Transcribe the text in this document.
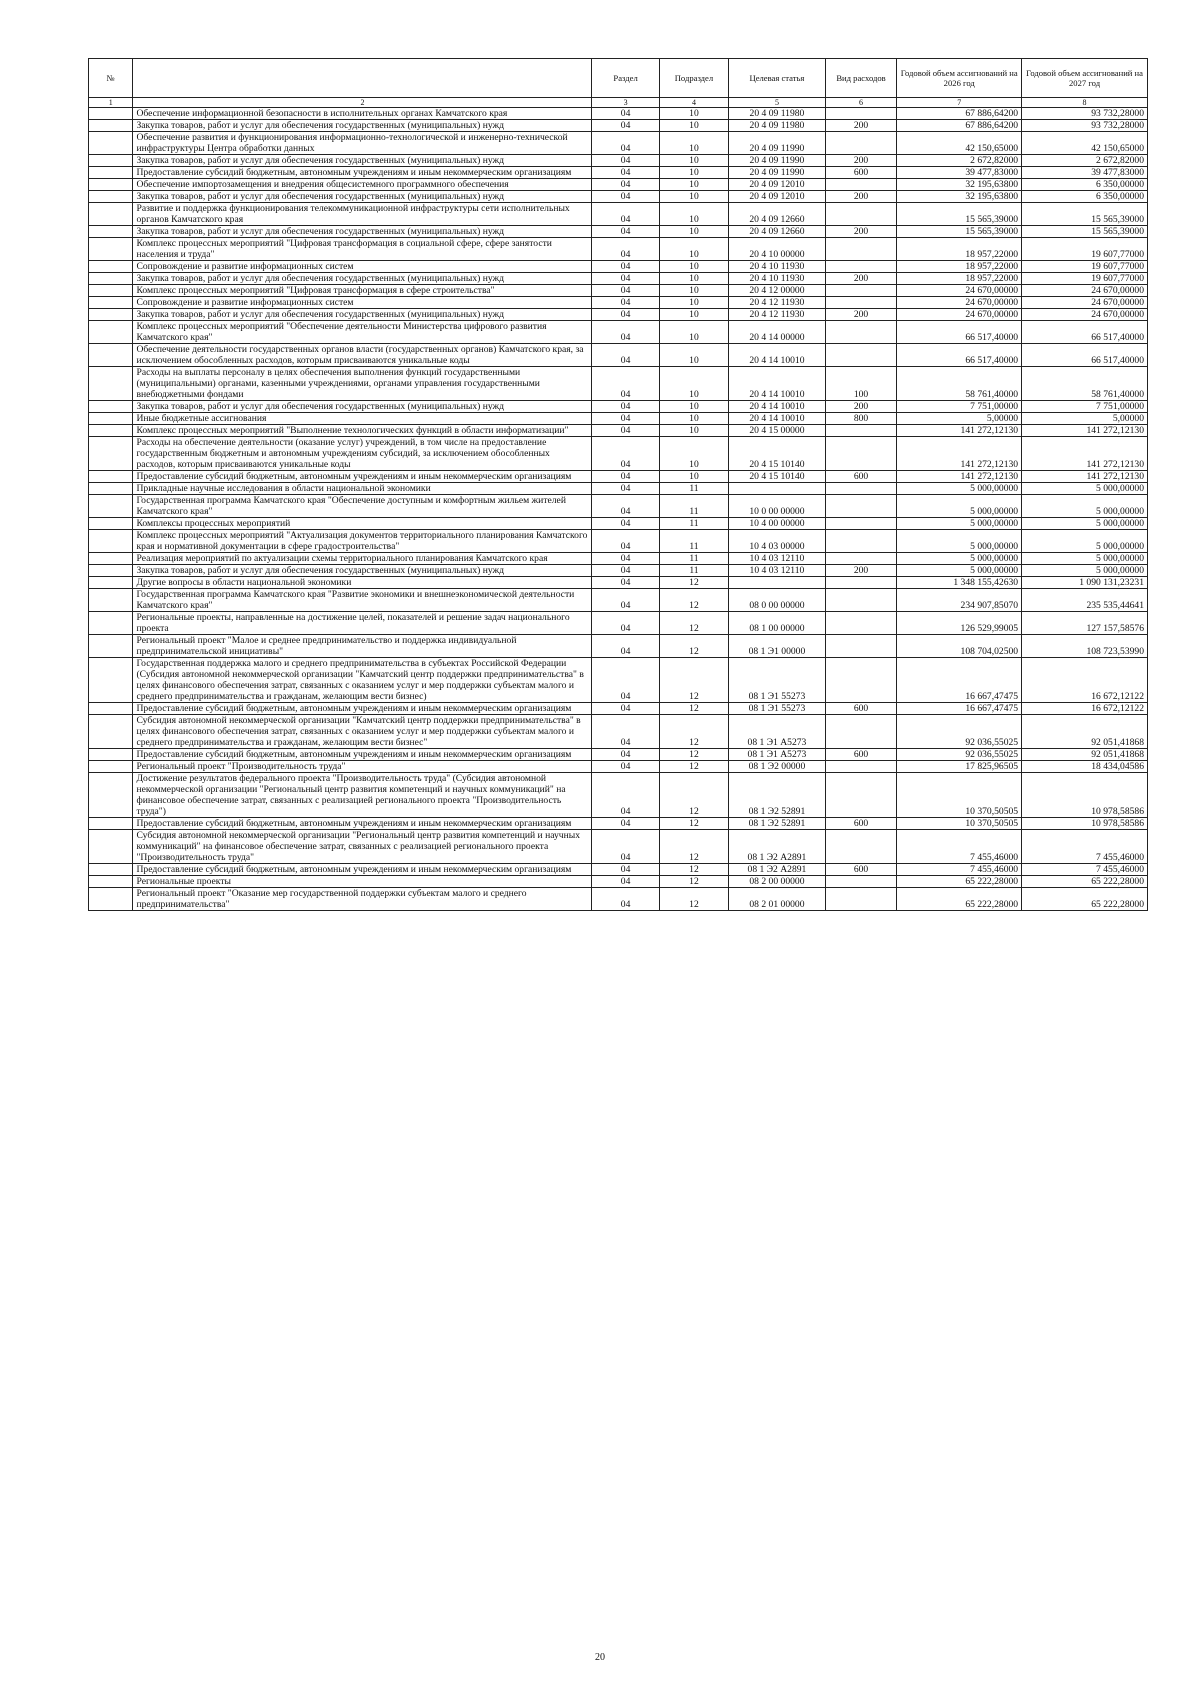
№		Раздел	Подраздел	Целевая статья	Вид расходов	Годовой объем ассигнований на 2026 год	Годовой объем ассигнований на 2027 год
1	2	3	4	5	6	7	8
	Обеспечение информационной безопасности в исполнительных органах Камчатского края	04	10	20 4 09 11980		67 886,64200	93 732,28000
	Закупка товаров, работ и услуг для обеспечения государственных (муниципальных) нужд	04	10	20 4 09 11980	200	67 886,64200	93 732,28000
	Обеспечение развития и функционирования информационно-технологической и инженерно-технической инфраструктуры Центра обработки данных	04	10	20 4 09 11990		42 150,65000	42 150,65000
	Закупка товаров, работ и услуг для обеспечения государственных (муниципальных) нужд	04	10	20 4 09 11990	200	2 672,82000	2 672,82000
	Предоставление субсидий бюджетным, автономным учреждениям и иным некоммерческим организациям	04	10	20 4 09 11990	600	39 477,83000	39 477,83000
	Обеспечение импортозамещения и внедрения общесистемного программного обеспечения	04	10	20 4 09 12010		32 195,63800	6 350,00000
	Закупка товаров, работ и услуг для обеспечения государственных (муниципальных) нужд	04	10	20 4 09 12010	200	32 195,63800	6 350,00000
	Развитие и поддержка функционирования телекоммуникационной инфраструктуры сети исполнительных органов Камчатского края	04	10	20 4 09 12660		15 565,39000	15 565,39000
	Закупка товаров, работ и услуг для обеспечения государственных (муниципальных) нужд	04	10	20 4 09 12660	200	15 565,39000	15 565,39000
	Комплекс процессных мероприятий "Цифровая трансформация в социальной сфере, сфере занятости населения и труда"	04	10	20 4 10 00000		18 957,22000	19 607,77000
	Сопровождение и развитие информационных систем	04	10	20 4 10 11930		18 957,22000	19 607,77000
	Закупка товаров, работ и услуг для обеспечения государственных (муниципальных) нужд	04	10	20 4 10 11930	200	18 957,22000	19 607,77000
	Комплекс процессных мероприятий "Цифровая трансформация в сфере строительства"	04	10	20 4 12 00000		24 670,00000	24 670,00000
	Сопровождение и развитие информационных систем	04	10	20 4 12 11930		24 670,00000	24 670,00000
	Закупка товаров, работ и услуг для обеспечения государственных (муниципальных) нужд	04	10	20 4 12 11930	200	24 670,00000	24 670,00000
	Комплекс процессных мероприятий "Обеспечение деятельности Министерства цифрового развития Камчатского края"	04	10	20 4 14 00000		66 517,40000	66 517,40000
	Обеспечение деятельности государственных органов власти (государственных органов) Камчатского края, за исключением обособленных расходов, которым присваиваются уникальные коды	04	10	20 4 14 10010		66 517,40000	66 517,40000
	Расходы на выплаты персоналу в целях обеспечения выполнения функций государственными (муниципальными) органами, казенными учреждениями, органами управления государственными внебюджетными фондами	04	10	20 4 14 10010	100	58 761,40000	58 761,40000
	Закупка товаров, работ и услуг для обеспечения государственных (муниципальных) нужд	04	10	20 4 14 10010	200	7 751,00000	7 751,00000
	Иные бюджетные ассигнования	04	10	20 4 14 10010	800	5,00000	5,00000
	Комплекс процессных мероприятий "Выполнение технологических функций в области информатизации"	04	10	20 4 15 00000		141 272,12130	141 272,12130
	Расходы на обеспечение деятельности (оказание услуг) учреждений, в том числе на предоставление государственным бюджетным и автономным учреждениям субсидий, за исключением обособленных расходов, которым присваиваются уникальные коды	04	10	20 4 15 10140		141 272,12130	141 272,12130
	Предоставление субсидий бюджетным, автономным учреждениям и иным некоммерческим организациям	04	10	20 4 15 10140	600	141 272,12130	141 272,12130
	Прикладные научные исследования в области национальной экономики	04	11			5 000,00000	5 000,00000
	Государственная программа Камчатского края "Обеспечение доступным и комфортным жильем жителей Камчатского края"	04	11	10 0 00 00000		5 000,00000	5 000,00000
	Комплексы процессных мероприятий	04	11	10 4 00 00000		5 000,00000	5 000,00000
	Комплекс процессных мероприятий "Актуализация документов территориального планирования Камчатского края и нормативной документации в сфере градостроительства"	04	11	10 4 03 00000		5 000,00000	5 000,00000
	Реализация мероприятий по актуализации схемы территориального планирования Камчатского края	04	11	10 4 03 12110		5 000,00000	5 000,00000
	Закупка товаров, работ и услуг для обеспечения государственных (муниципальных) нужд	04	11	10 4 03 12110	200	5 000,00000	5 000,00000
	Другие вопросы в области национальной экономики	04	12			1 348 155,42630	1 090 131,23231
	Государственная программа Камчатского края "Развитие экономики и внешнеэкономической деятельности Камчатского края"	04	12	08 0 00 00000		234 907,85070	235 535,44641
	Региональные проекты, направленные на достижение целей, показателей и решение задач национального проекта	04	12	08 1 00 00000		126 529,99005	127 157,58576
	Региональный проект "Малое и среднее предпринимательство и поддержка индивидуальной предпринимательской инициативы"	04	12	08 1 Э1 00000		108 704,02500	108 723,53990
	Государственная поддержка малого и среднего предпринимательства в субъектах Российской Федерации (Субсидия автономной некоммерческой организации "Камчатский центр поддержки предпринимательства" в целях финансового обеспечения затрат, связанных с оказанием услуг и мер поддержки субъектам малого и среднего предпринимательства и гражданам, желающим вести бизнес)	04	12	08 1 Э1 55273		16 667,47475	16 672,12122
	Предоставление субсидий бюджетным, автономным учреждениям и иным некоммерческим организациям	04	12	08 1 Э1 55273	600	16 667,47475	16 672,12122
	Субсидия автономной некоммерческой организации "Камчатский центр поддержки предпринимательства" в целях финансового обеспечения затрат, связанных с оказанием услуг и мер поддержки субъектам малого и среднего предпринимательства и гражданам, желающим вести бизнес"	04	12	08 1 Э1 A5273		92 036,55025	92 051,41868
	Предоставление субсидий бюджетным, автономным учреждениям и иным некоммерческим организациям	04	12	08 1 Э1 A5273	600	92 036,55025	92 051,41868
	Региональный проект "Производительность труда"	04	12	08 1 Э2 00000		17 825,96505	18 434,04586
	Достижение результатов федерального проекта "Производительность труда" (Субсидия автономной некоммерческой организации "Региональный центр развития компетенций и научных коммуникаций" на финансовое обеспечение затрат, связанных с реализацией регионального проекта "Производительность труда")	04	12	08 1 Э2 52891		10 370,50505	10 978,58586
	Предоставление субсидий бюджетным, автономным учреждениям и иным некоммерческим организациям	04	12	08 1 Э2 52891	600	10 370,50505	10 978,58586
	Субсидия автономной некоммерческой организации "Региональный центр развития компетенций и научных коммуникаций" на финансовое обеспечение затрат, связанных с реализацией регионального проекта "Производительность труда"	04	12	08 1 Э2 A2891		7 455,46000	7 455,46000
	Предоставление субсидий бюджетным, автономным учреждениям и иным некоммерческим организациям	04	12	08 1 Э2 A2891	600	7 455,46000	7 455,46000
	Региональные проекты	04	12	08 2 00 00000		65 222,28000	65 222,28000
	Региональный проект "Оказание мер государственной поддержки субъектам малого и среднего предпринимательства"	04	12	08 2 01 00000		65 222,28000	65 222,28000
20
